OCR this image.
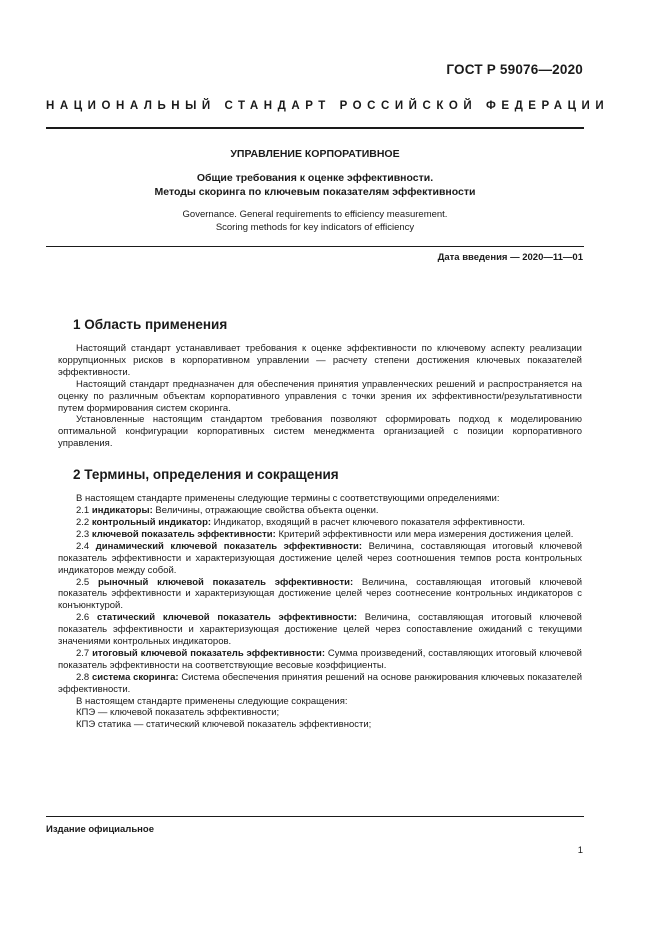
ГОСТ Р 59076—2020
НАЦИОНАЛЬНЫЙ СТАНДАРТ РОССИЙСКОЙ ФЕДЕРАЦИИ
УПРАВЛЕНИЕ КОРПОРАТИВНОЕ
Общие требования к оценке эффективности.
Методы скоринга по ключевым показателям эффективности
Governance. General requirements to efficiency measurement.
Scoring methods for key indicators of efficiency
Дата введения — 2020—11—01
1 Область применения

Настоящий стандарт устанавливает требования к оценке эффективности по ключевому аспекту реализации коррупционных рисков в корпоративном управлении — расчету степени достижения ключевых показателей эффективности.

Настоящий стандарт предназначен для обеспечения принятия управленческих решений и распространяется на оценку по различным объектам корпоративного управления с точки зрения их эффективности/результативности путем формирования систем скоринга.

Установленные настоящим стандартом требования позволяют сформировать подход к моделированию оптимальной конфигурации корпоративных систем менеджмента организацией с позиции корпоративного управления.

2 Термины, определения и сокращения

В настоящем стандарте применены следующие термины с соответствующими определениями:

2.1 индикаторы: Величины, отражающие свойства объекта оценки.

2.2 контрольный индикатор: Индикатор, входящий в расчет ключевого показателя эффективности.

2.3 ключевой показатель эффективности: Критерий эффективности или мера измерения достижения целей.

2.4 динамический ключевой показатель эффективности: Величина, составляющая итоговый ключевой показатель эффективности и характеризующая достижение целей через соотношения темпов роста контрольных индикаторов между собой.

2.5 рыночный ключевой показатель эффективности: Величина, составляющая итоговый ключевой показатель эффективности и характеризующая достижение целей через соотнесение контрольных индикаторов с конъюнктурой.

2.6 статический ключевой показатель эффективности: Величина, составляющая итоговый ключевой показатель эффективности и характеризующая достижение целей через сопоставление ожиданий с текущими значениями контрольных индикаторов.

2.7 итоговый ключевой показатель эффективности: Сумма произведений, составляющих итоговый ключевой показатель эффективности на соответствующие весовые коэффициенты.

2.8 система скоринга: Система обеспечения принятия решений на основе ранжирования ключевых показателей эффективности.

В настоящем стандарте применены следующие сокращения:

КПЭ — ключевой показатель эффективности;

КПЭ статика — статический ключевой показатель эффективности;

Издание официальное
1
